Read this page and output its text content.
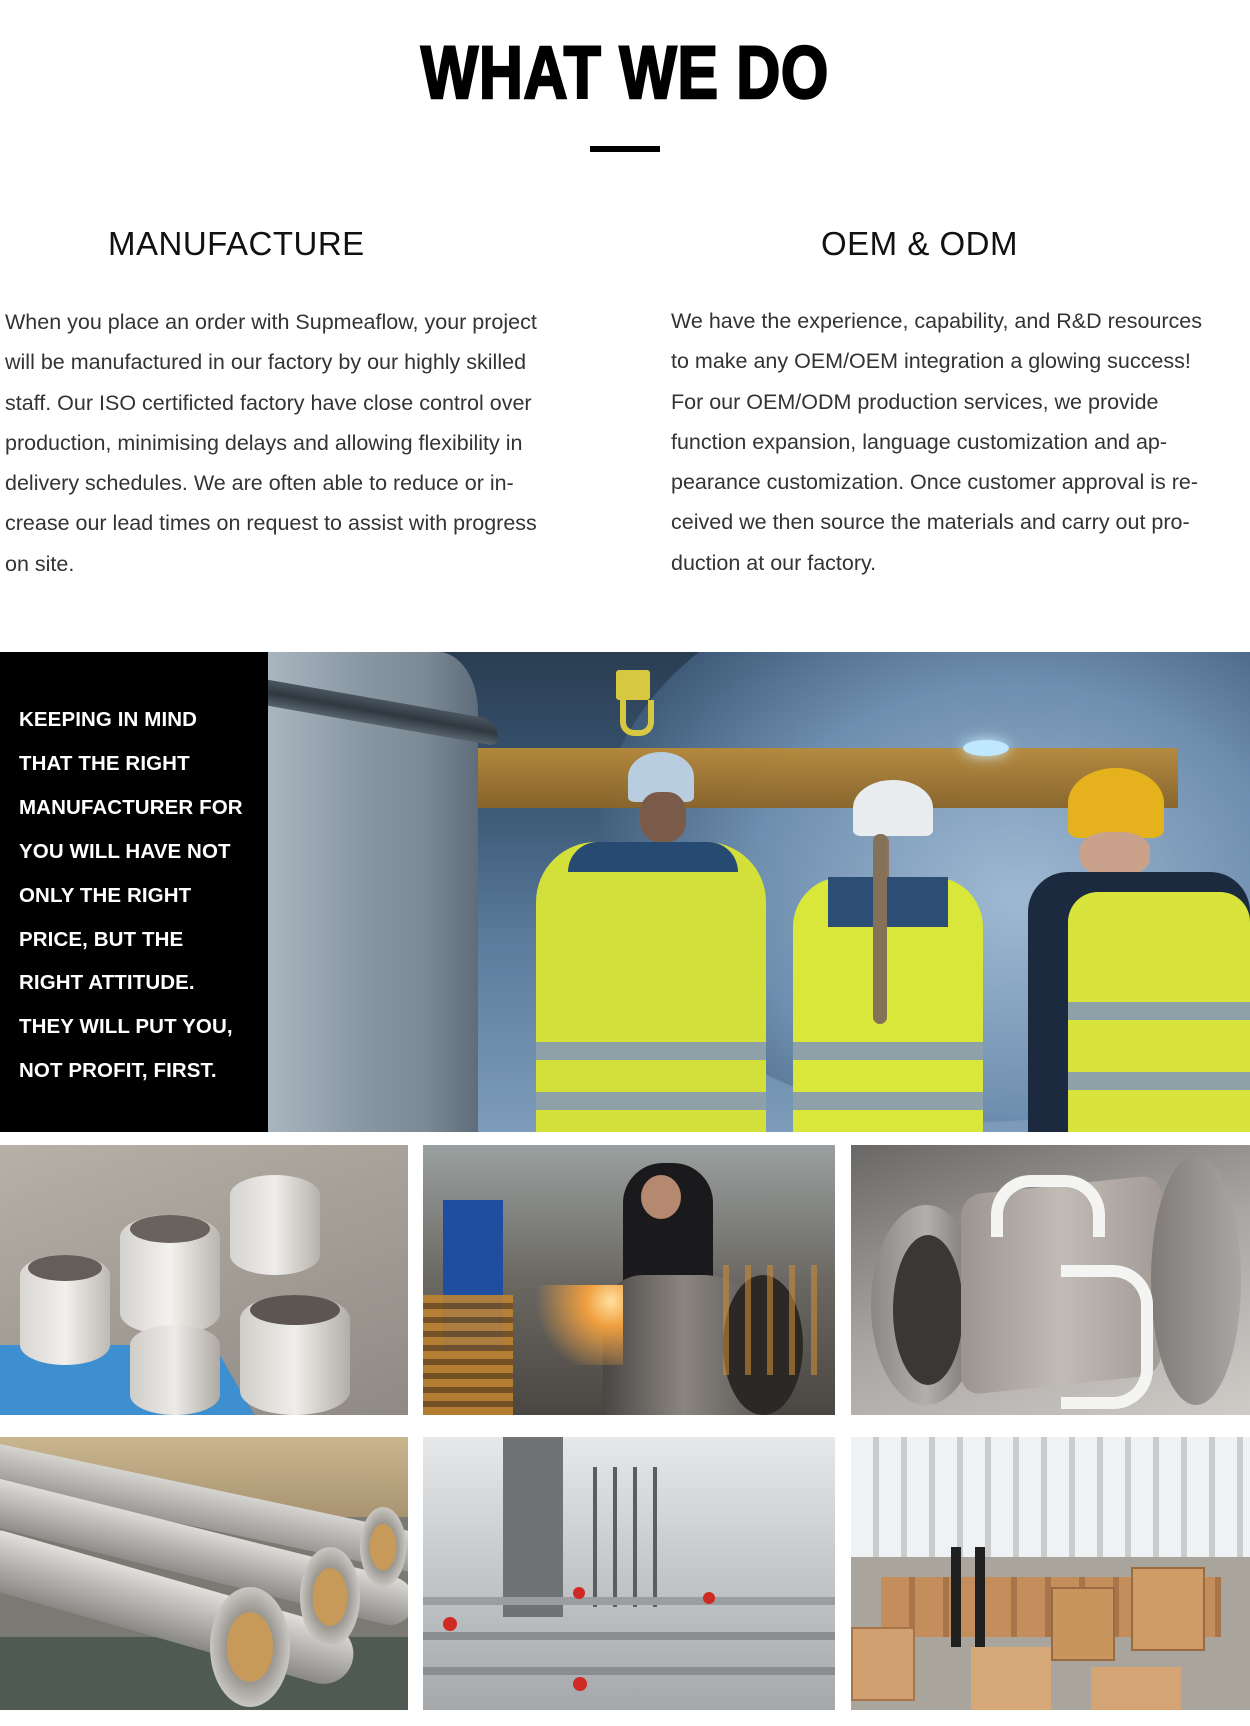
WHAT WE DO
MANUFACTURE

When you place an order with Supmeaflow, your project

will be manufactured in our factory by our highly skilled

staff. Our ISO certificted factory have close control over

production, minimising delays and allowing flexibility in

delivery schedules. We are often able to reduce or in-

crease our lead times on request to assist with progress

on site.

OEM & ODM

We have the experience, capability, and R&D resources

to make any OEM/OEM integration a glowing success!

For our OEM/ODM production services, we provide

function expansion, language customization and ap-

pearance customization. Once customer approval is re-

ceived we then source the materials and carry out pro-

duction at our factory.

KEEPING IN MIND
THAT THE RIGHT
MANUFACTURER FOR
YOU WILL HAVE NOT
ONLY THE RIGHT
PRICE, BUT THE
RIGHT ATTITUDE.
THEY WILL PUT YOU,
NOT PROFIT, FIRST.
